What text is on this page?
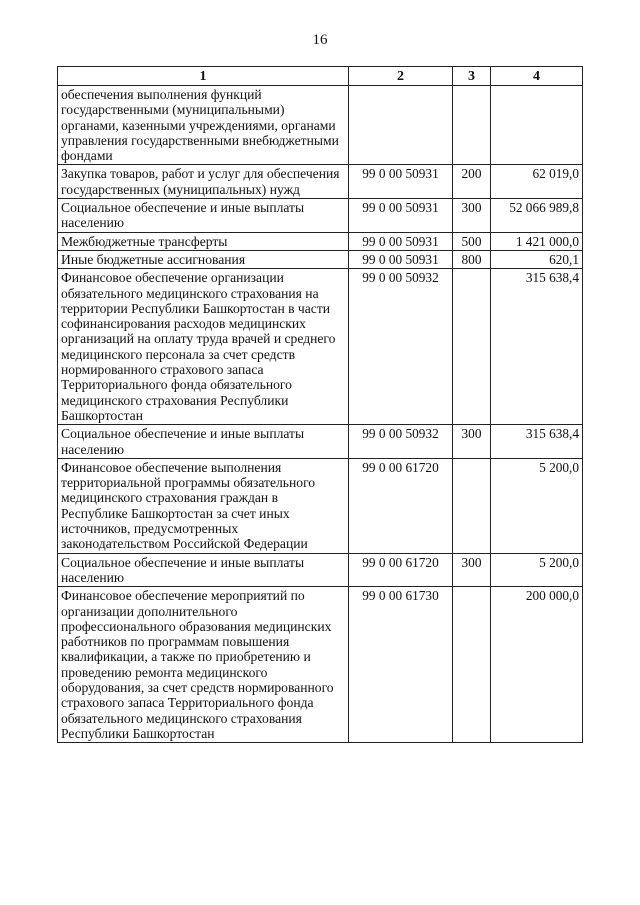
16
1	2	3	4
обеспечения выполнения функций государственными (муниципальными) органами, казенными учреждениями, органами управления государственными внебюджетными фондами			
Закупка товаров, работ и услуг для обеспечения государственных (муниципальных) нужд	99 0 00 50931	200	62 019,0
Социальное обеспечение и иные выплаты населению	99 0 00 50931	300	52 066 989,8
Межбюджетные трансферты	99 0 00 50931	500	1 421 000,0
Иные бюджетные ассигнования	99 0 00 50931	800	620,1
Финансовое обеспечение организации обязательного медицинского страхования на территории Республики Башкортостан в части софинансирования расходов медицинских организаций на оплату труда врачей и среднего медицинского персонала за счет средств нормированного страхового запаса Территориального фонда обязательного медицинского страхования Республики Башкортостан	99 0 00 50932		315 638,4
Социальное обеспечение и иные выплаты населению	99 0 00 50932	300	315 638,4
Финансовое обеспечение выполнения территориальной программы обязательного медицинского страхования граждан в Республике Башкортостан за счет иных источников, предусмотренных законодательством Российской Федерации	99 0 00 61720		5 200,0
Социальное обеспечение и иные выплаты населению	99 0 00 61720	300	5 200,0
Финансовое обеспечение мероприятий по организации дополнительного профессионального образования медицинских работников по программам повышения квалификации, а также по приобретению и проведению ремонта медицинского оборудования, за счет средств нормированного страхового запаса Территориального фонда обязательного медицинского страхования Республики Башкортостан	99 0 00 61730		200 000,0
